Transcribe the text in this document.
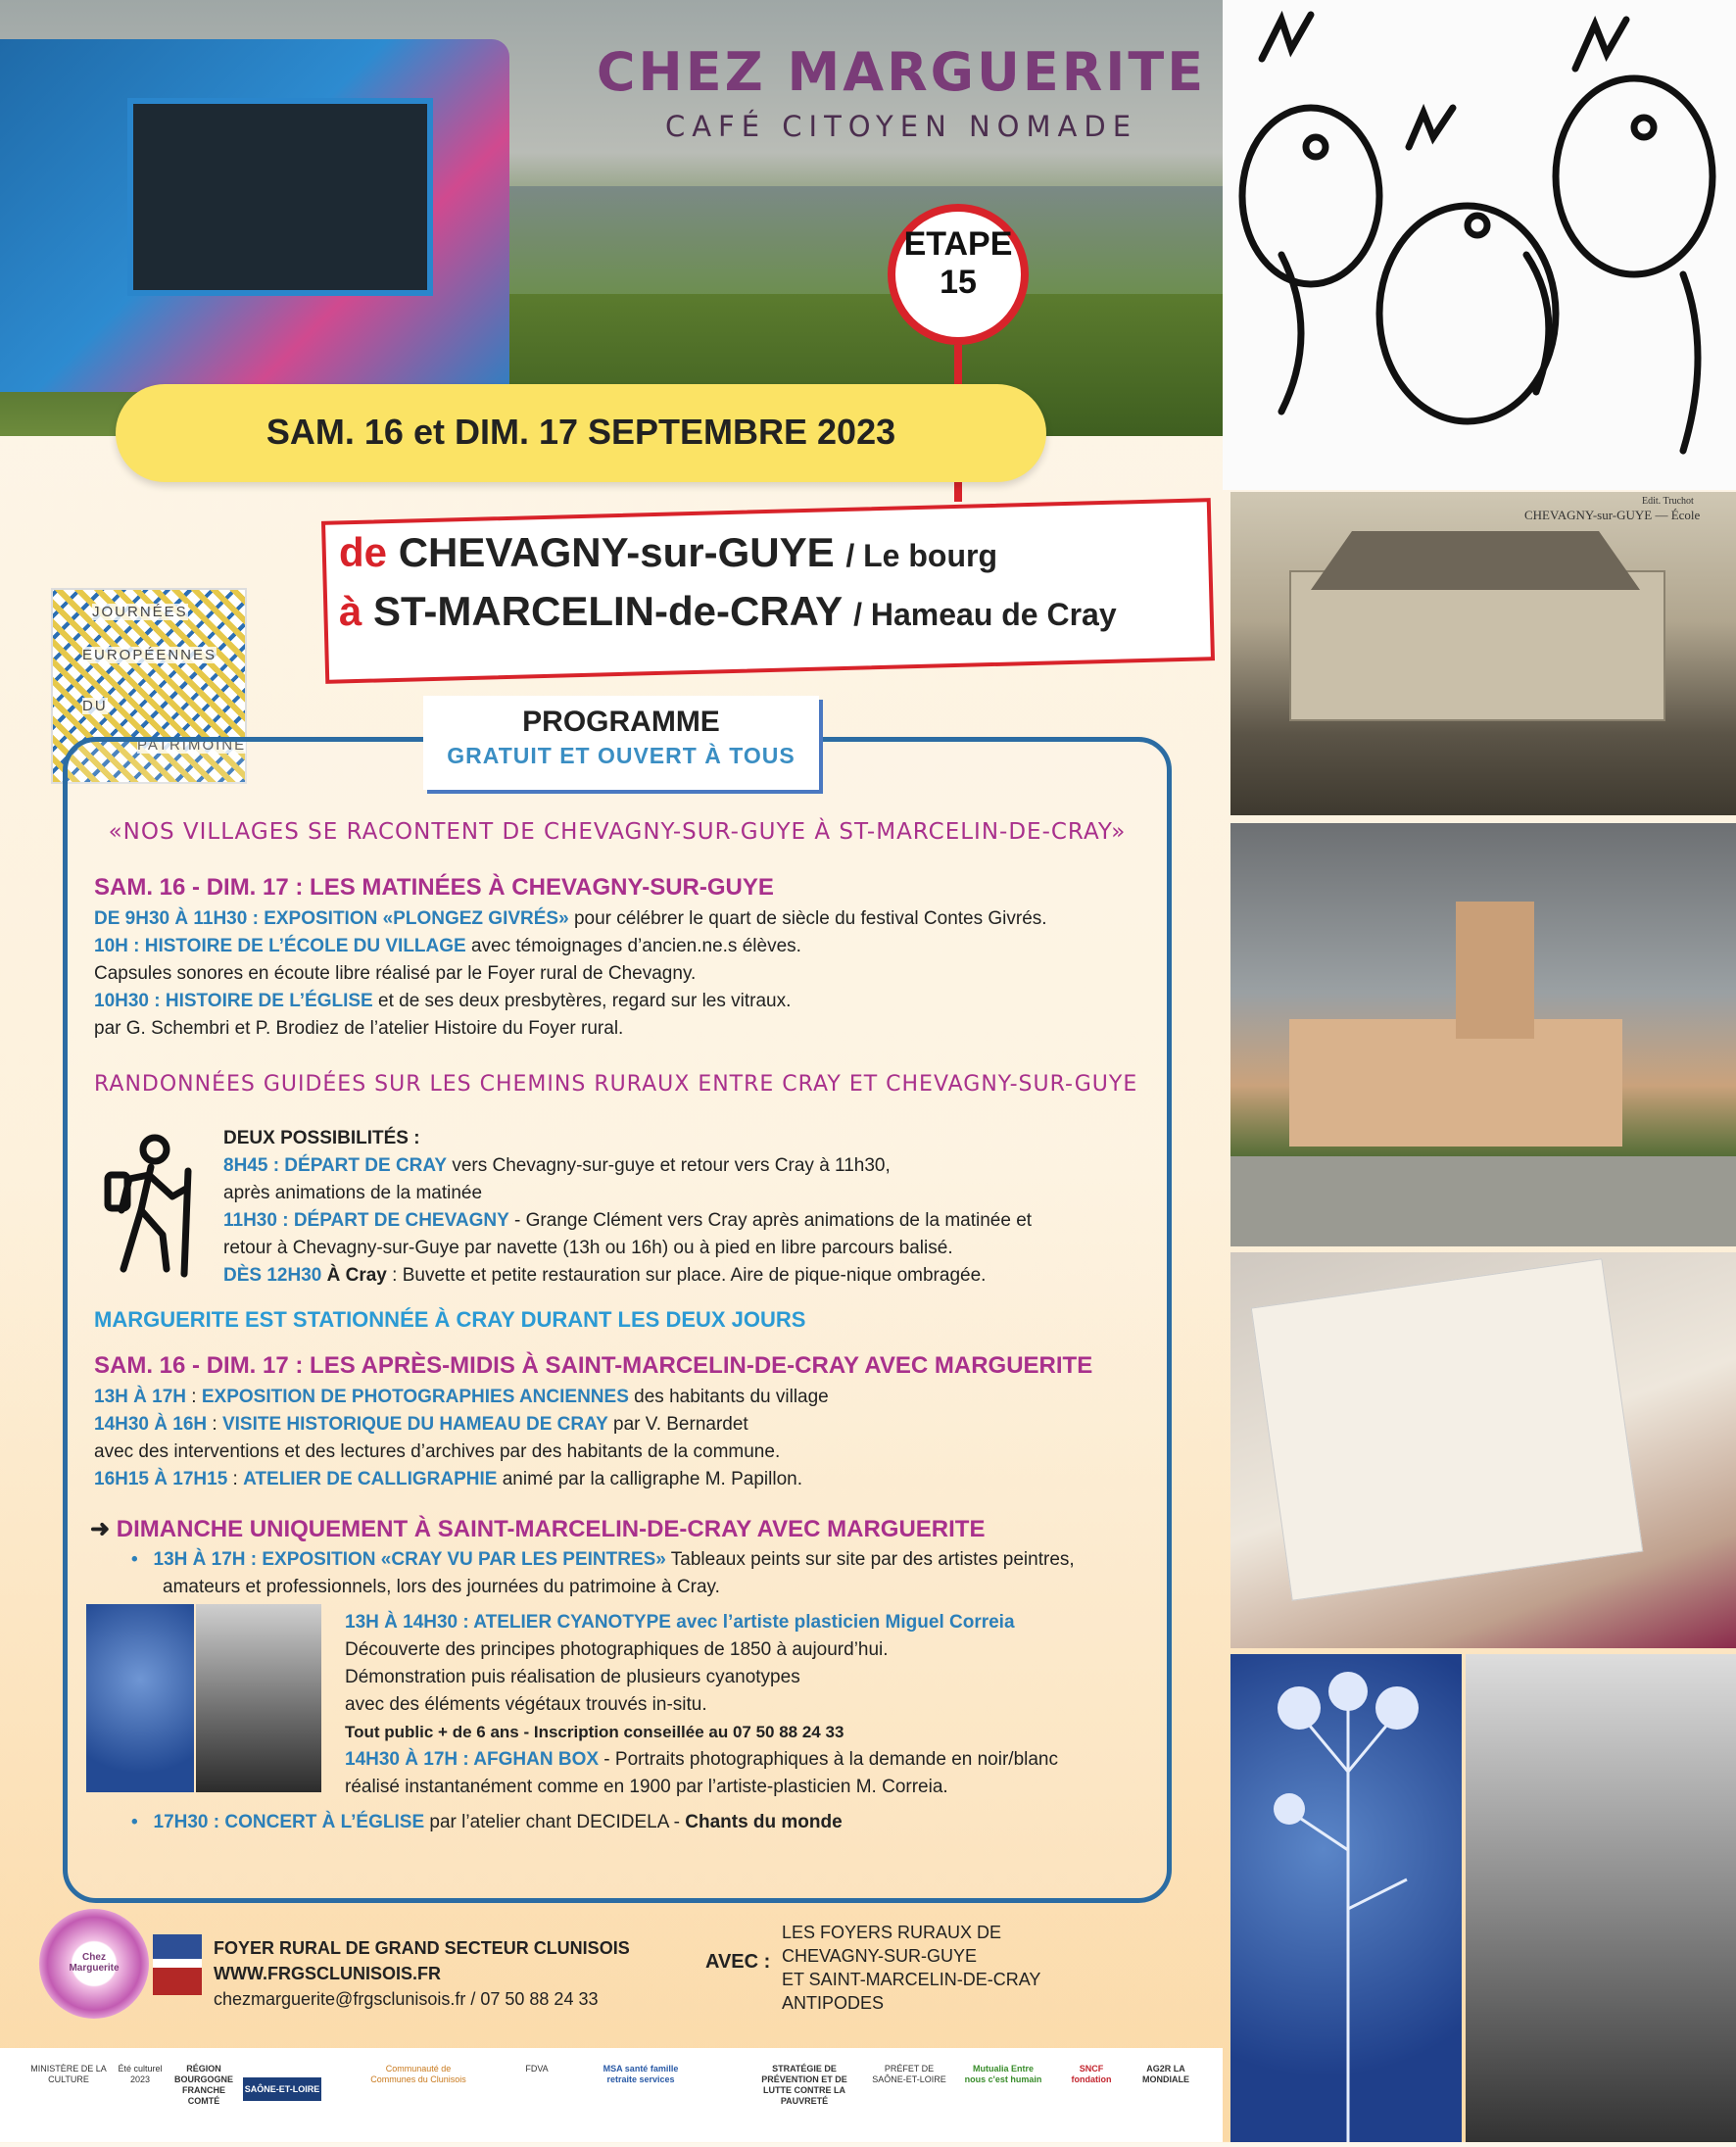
CHEZ MARGUERITE
CAFÉ CITOYEN NOMADE
CHEVAGNY-sur-GUYE — École
Edit. Truchot
ETAPE
15
SAM. 16 et DIM. 17 SEPTEMBRE 2023
de CHEVAGNY-sur-GUYE / Le bourg
à ST-MARCELIN-de-CRAY / Hameau de Cray
JOURNÉES
EUROPÉENNES
DU
PATRIMOINE
PROGRAMME
GRATUIT ET OUVERT À TOUS
«NOS VILLAGES SE RACONTENT DE CHEVAGNY-SUR-GUYE À ST-MARCELIN-DE-CRAY»
SAM. 16 - DIM. 17 : LES MATINÉES À CHEVAGNY-SUR-GUYE
DE 9H30 À 11H30 : EXPOSITION «PLONGEZ GIVRÉS» pour célébrer le quart de siècle du festival Contes Givrés.
10H : HISTOIRE DE L’ÉCOLE DU VILLAGE avec témoignages d’ancien.ne.s élèves.
Capsules sonores en écoute libre réalisé par le Foyer rural de Chevagny.
10H30 : HISTOIRE DE L’ÉGLISE et de ses deux presbytères, regard sur les vitraux.
par G. Schembri et P. Brodiez de l’atelier Histoire du Foyer rural.
RANDONNÉES GUIDÉES SUR LES CHEMINS RURAUX ENTRE CRAY ET CHEVAGNY-SUR-GUYE
DEUX POSSIBILITÉS :
8H45 : DÉPART DE CRAY vers Chevagny-sur-guye et retour vers Cray à 11h30,
après animations de la matinée
11H30 : DÉPART DE CHEVAGNY - Grange Clément vers Cray après animations de la matinée et
retour à Chevagny-sur-Guye par navette (13h ou 16h) ou à pied en libre parcours balisé.
DÈS 12H30 À Cray : Buvette et petite restauration sur place. Aire de pique-nique ombragée.
MARGUERITE EST STATIONNÉE À CRAY DURANT LES DEUX JOURS
SAM. 16 - DIM. 17 : LES APRÈS-MIDIS À SAINT-MARCELIN-DE-CRAY AVEC MARGUERITE
13H À 17H : EXPOSITION DE PHOTOGRAPHIES ANCIENNES des habitants du village
14H30 À 16H : VISITE HISTORIQUE DU HAMEAU DE CRAY par V. Bernardet
avec des interventions et des lectures d’archives par des habitants de la commune.
16H15 À 17H15 : ATELIER DE CALLIGRAPHIE animé par la calligraphe M. Papillon.
➜ DIMANCHE UNIQUEMENT À SAINT-MARCELIN-DE-CRAY AVEC MARGUERITE
• 13H À 17H : EXPOSITION «CRAY VU PAR LES PEINTRES» Tableaux peints sur site par des artistes peintres,
amateurs et professionnels, lors des journées du patrimoine à Cray.
13H À 14H30 : ATELIER CYANOTYPE avec l’artiste plasticien Miguel Correia
Découverte des principes photographiques de 1850 à aujourd’hui.
Démonstration puis réalisation de plusieurs cyanotypes
avec des éléments végétaux trouvés in-situ.
Tout public + de 6 ans - Inscription conseillée au 07 50 88 24 33
14H30 À 17H : AFGHAN BOX - Portraits photographiques à la demande en noir/blanc
réalisé instantanément comme en 1900 par l’artiste-plasticien M. Correia.
• 17H30 : CONCERT À L’ÉGLISE par l’atelier chant DECIDELA - Chants du monde
Chez Marguerite
FOYER RURAL DE GRAND SECTEUR CLUNISOIS
WWW.FRGSCLUNISOIS.FR
chezmarguerite@frgsclunisois.fr / 07 50 88 24 33
AVEC :
LES FOYERS RURAUX DE
CHEVAGNY-SUR-GUYE
ET SAINT-MARCELIN-DE-CRAY
ANTIPODES
MINISTÈRE DE LA CULTURE
Été culturel 2023
RÉGION BOURGOGNE FRANCHE COMTÉ
SAÔNE-ET-LOIRE 71
Communauté de Communes du Clunisois
FDVA	MSA santé famille retraite services
STRATÉGIE DE PRÉVENTION ET DE LUTTE CONTRE LA PAUVRETÉ
PRÉFET DE SAÔNE-ET-LOIRE
Mutualia Entre nous c'est humain
SNCF fondation
AG2R LA MONDIALE
